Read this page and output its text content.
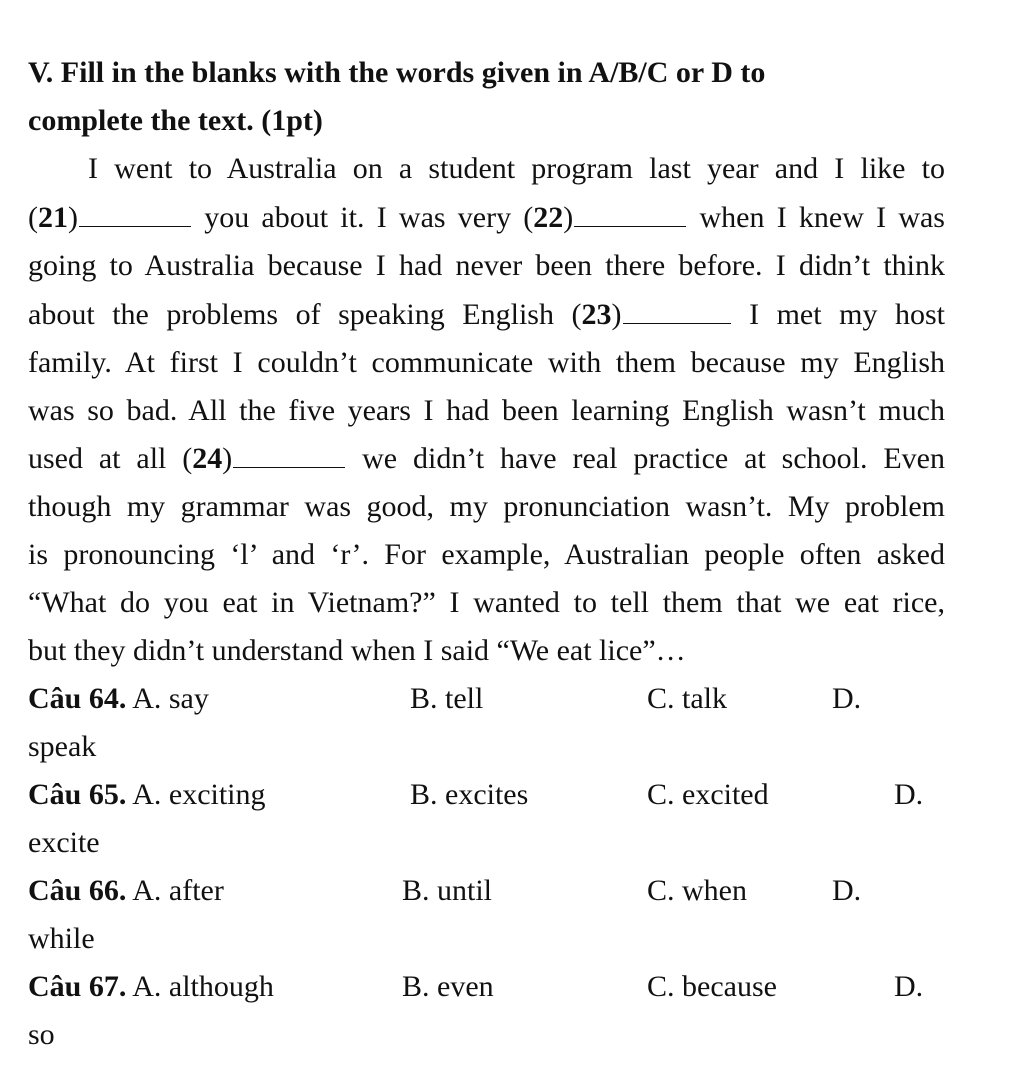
V. Fill in the blanks with the words given in A/B/C or D to
complete the text. (1pt)
I went to Australia on a student program last year and I like to
(21)	you about it. I was very (22)	when I knew I was
going to Australia because I had never been there before. I didn’t think
about the problems of speaking English (23)	I met my host
family. At first I couldn’t communicate with them because my English
was so bad. All the five years I had been learning English wasn’t much
used at all (24)	we didn’t have real practice at school. Even
though my grammar was good, my pronunciation wasn’t. My problem
is pronouncing ‘l’ and ‘r’. For example, Australian people often asked
“What do you eat in Vietnam?” I wanted to tell them that we eat rice,
but they didn’t understand when I said “We eat lice”…
Câu 64. A. say	B. tell	C. talk	D.
speak
Câu 65. A. exciting	B. excites	C. excited	D.
excite
Câu 66. A. after	B. until	C. when	D.
while
Câu 67. A. although	B. even	C. because	D.
so
